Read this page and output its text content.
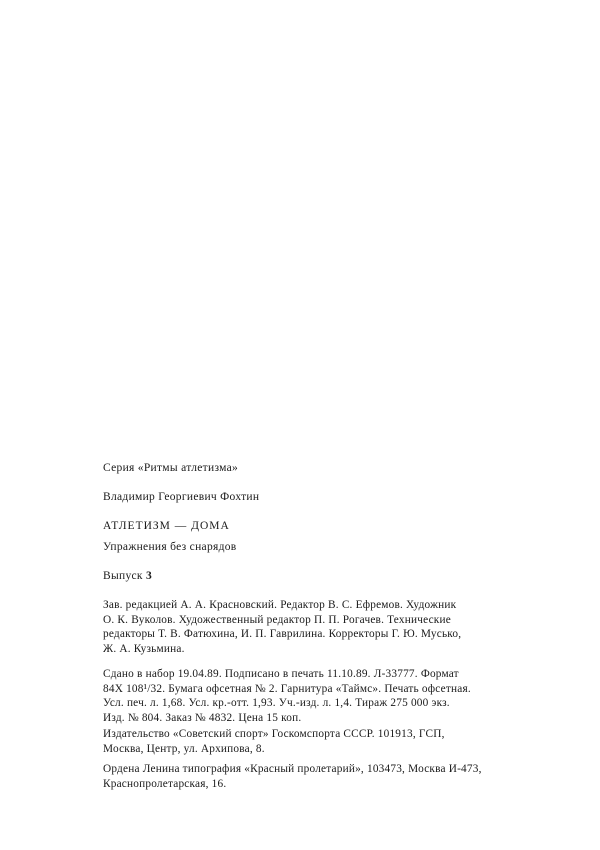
Серия «Ритмы атлетизма»
Владимир Георгиевич Фохтин
АТЛЕТИЗМ — ДОМА
Упражнения без снарядов
Выпуск 3
Зав. редакцией А. А. Красновский. Редактор В. С. Ефремов. Художник
О. К. Вуколов. Художественный редактор П. П. Рогачев. Технические
редакторы Т. В. Фатюхина, И. П. Гаврилина. Корректоры Г. Ю. Мусько,
Ж. А. Кузьмина.
Сдано в набор 19.04.89. Подписано в печать 11.10.89. Л-33777. Формат
84X 108¹/32. Бумага офсетная № 2. Гарнитура «Таймс». Печать офсетная.
Усл. печ. л. 1,68. Усл. кр.-отт. 1,93. Уч.-изд. л. 1,4. Тираж 275 000 экз.
Изд. № 804. Заказ № 4832. Цена 15 коп.
Издательство «Советский спорт» Госкомспорта СССР. 101913, ГСП,
Москва, Центр, ул. Архипова, 8.
Ордена Ленина типография «Красный пролетарий», 103473, Москва И-473,
Краснопролетарская, 16.
